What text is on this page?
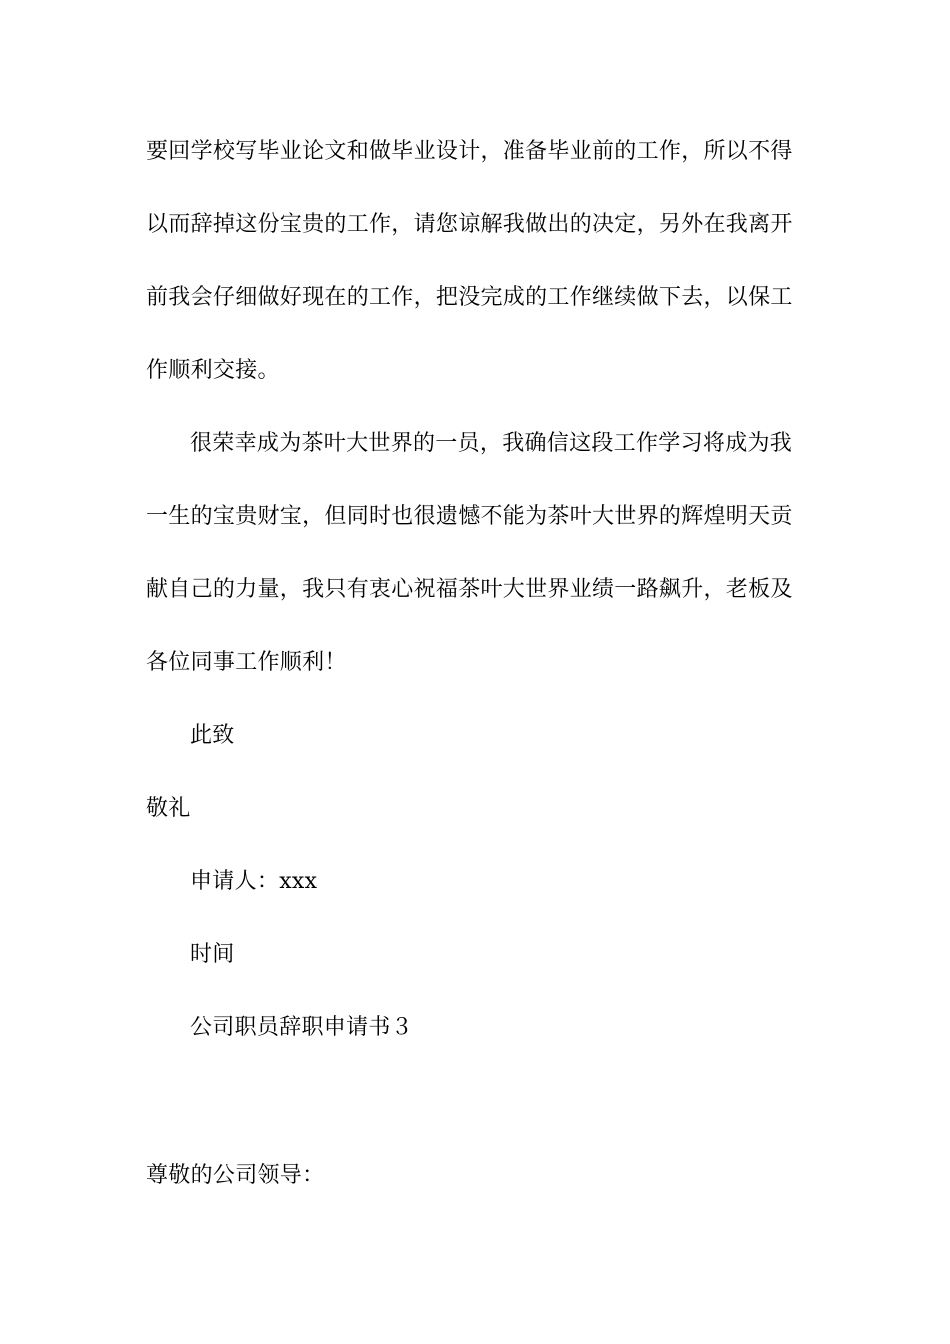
要回学校写毕业论文和做毕业设计，准备毕业前的工作，所以不得
以而辞掉这份宝贵的工作，请您谅解我做出的决定，另外在我离开
前我会仔细做好现在的工作，把没完成的工作继续做下去，以保工
作顺利交接。
很荣幸成为茶叶大世界的一员，我确信这段工作学习将成为我
一生的宝贵财宝，但同时也很遗憾不能为茶叶大世界的辉煌明天贡
献自己的力量，我只有衷心祝福茶叶大世界业绩一路飙升，老板及
各位同事工作顺利！
此致
敬礼
申请人：xxx
时间
公司职员辞职申请书３
尊敬的公司领导：
